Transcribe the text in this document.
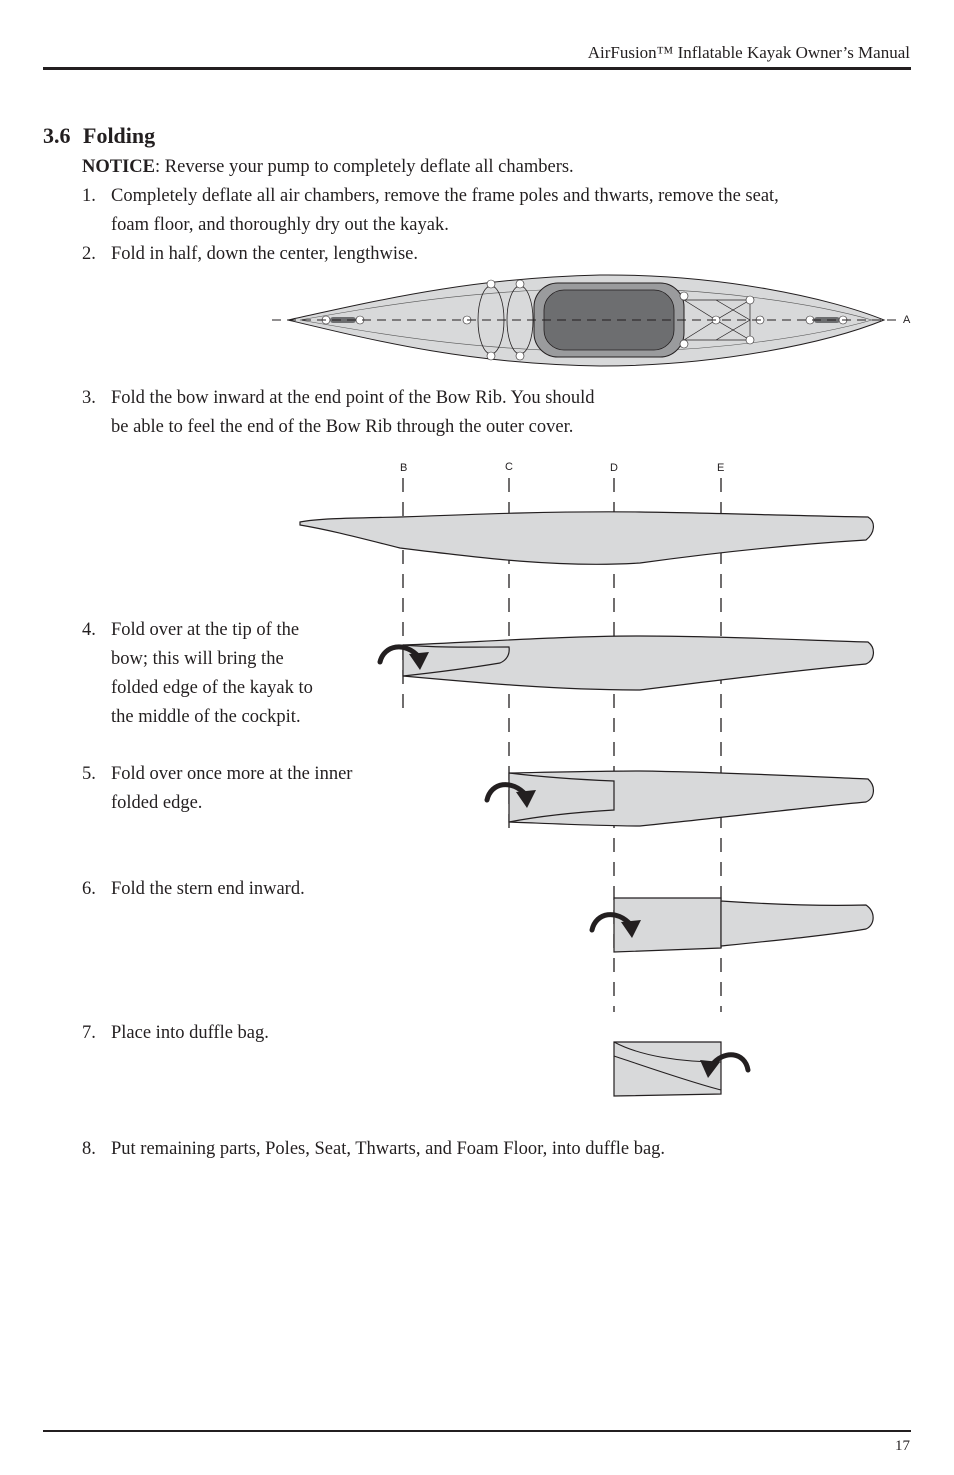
AirFusion™ Inflatable Kayak Owner’s Manual
3.6 Folding
NOTICE: Reverse your pump to completely deflate all chambers.
1. Completely deflate all air chambers, remove the frame poles and thwarts, remove the seat,
foam floor, and thoroughly dry out the kayak.
2. Fold in half, down the center, lengthwise.
3. Fold the bow inward at the end point of the Bow Rib. You should
be able to feel the end of the Bow Rib through the outer cover.
4. Fold over at the tip of the
bow; this will bring the
folded edge of the kayak to
the middle of the cockpit.
5. Fold over once more at the inner
folded edge.
6. Fold the stern end inward.
7. Place into duffle bag.
8. Put remaining parts, Poles, Seat, Thwarts, and Foam Floor, into duffle bag.
A
B	C	D	E
17
